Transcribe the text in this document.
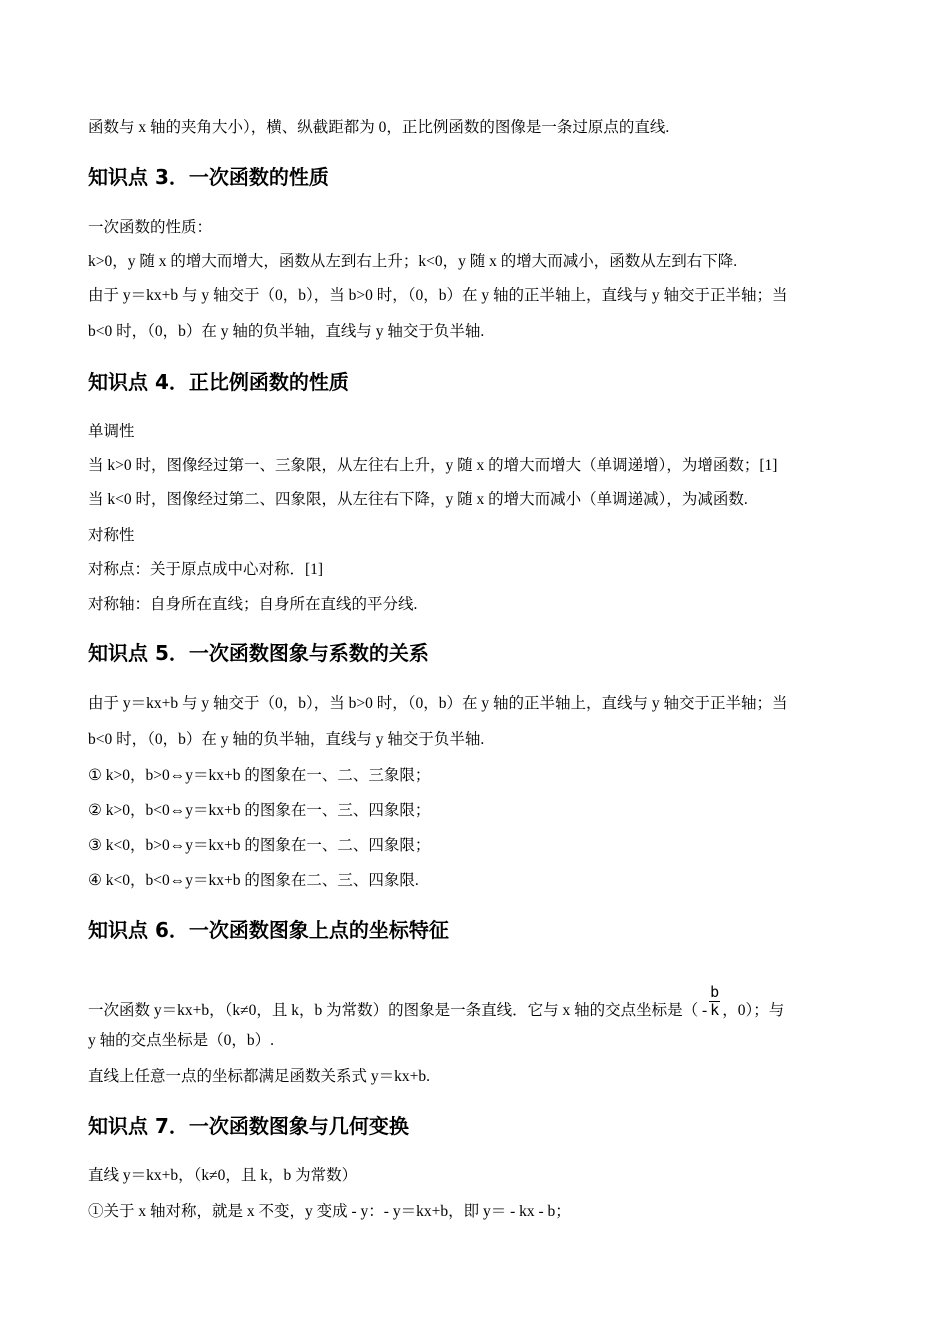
函数与 x 轴的夹角大小），横、纵截距都为 0，正比例函数的图像是一条过原点的直线.
知识点 3．一次函数的性质
一次函数的性质：
k>0，y 随 x 的增大而增大，函数从左到右上升；k<0，y 随 x 的增大而减小，函数从左到右下降.
由于 y＝kx+b 与 y 轴交于（0，b），当 b>0 时，（0，b）在 y 轴的正半轴上，直线与 y 轴交于正半轴；当
b<0 时，（0，b）在 y 轴的负半轴，直线与 y 轴交于负半轴.
知识点 4．正比例函数的性质
单调性
当 k>0 时，图像经过第一、三象限，从左往右上升，y 随 x 的增大而增大（单调递增），为增函数；[1]
当 k<0 时，图像经过第二、四象限，从左往右下降，y 随 x 的增大而减小（单调递减），为减函数.
对称性
对称点：关于原点成中心对称．[1]
对称轴：自身所在直线；自身所在直线的平分线.
知识点 5．一次函数图象与系数的关系
由于 y＝kx+b 与 y 轴交于（0，b），当 b>0 时，（0，b）在 y 轴的正半轴上，直线与 y 轴交于正半轴；当
b<0 时，（0，b）在 y 轴的负半轴，直线与 y 轴交于负半轴.
① k>0，b>0⇔y＝kx+b 的图象在一、二、三象限；
② k>0，b<0⇔y＝kx+b 的图象在一、三、四象限；
③ k<0，b>0⇔y＝kx+b 的图象在一、二、四象限；
④ k<0，b<0⇔y＝kx+b 的图象在二、三、四象限.
知识点 6．一次函数图象上点的坐标特征
一次函数 y＝kx+b，（k≠0，且 k，b 为常数）的图象是一条直线．它与 x 轴的交点坐标是（ - $\frac{b}{k}$ ，0）；与
y 轴的交点坐标是（0，b）.
直线上任意一点的坐标都满足函数关系式 y＝kx+b.
知识点 7．一次函数图象与几何变换
直线 y＝kx+b，（k≠0，且 k，b 为常数）
①关于 x 轴对称，就是 x 不变，y 变成 - y：- y＝kx+b，即 y＝ - kx - b；
